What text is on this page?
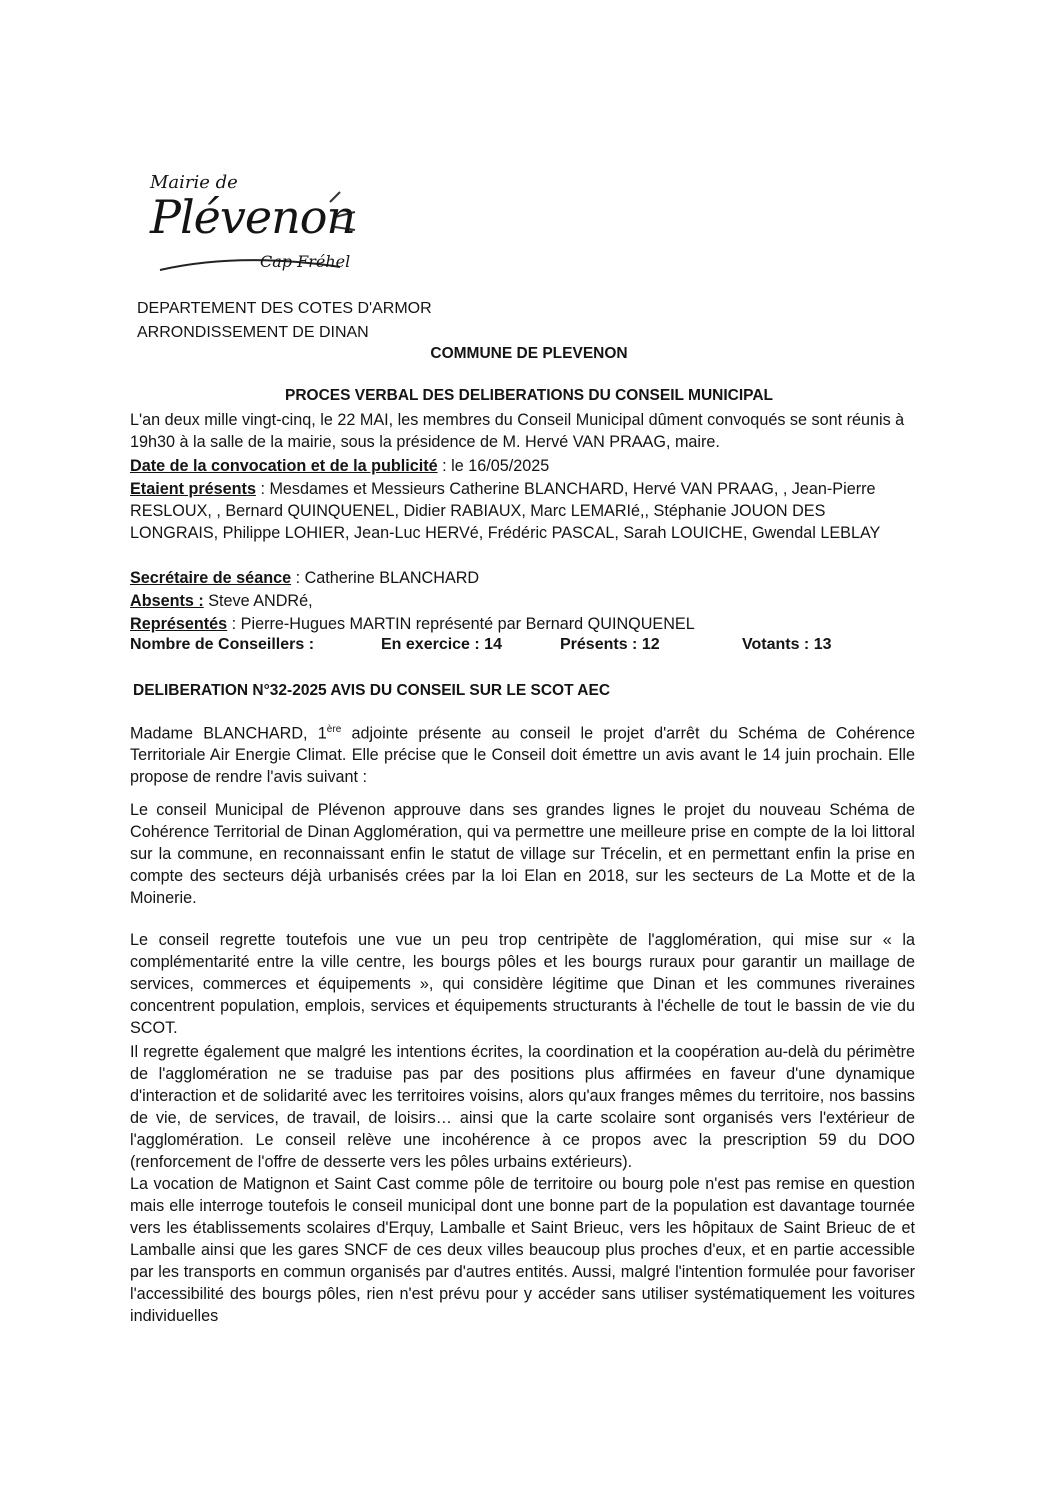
Mairie de
Plévenon
Cap Fréhel
DEPARTEMENT DES COTES D'ARMOR
ARRONDISSEMENT DE DINAN
COMMUNE DE PLEVENON
PROCES VERBAL DES DELIBERATIONS DU CONSEIL MUNICIPAL
L'an deux mille vingt-cinq, le 22 MAI, les membres du Conseil Municipal dûment convoqués se sont réunis à 19h30 à la salle de la mairie, sous la présidence de M. Hervé VAN PRAAG, maire.
Date de la convocation et de la publicité : le 16/05/2025
Etaient présents : Mesdames et Messieurs Catherine BLANCHARD, Hervé VAN PRAAG, , Jean-Pierre RESLOUX, , Bernard QUINQUENEL, Didier RABIAUX, Marc LEMARIé,, Stéphanie JOUON DES LONGRAIS, Philippe LOHIER, Jean-Luc HERVé, Frédéric PASCAL, Sarah LOUICHE, Gwendal LEBLAY
Secrétaire de séance : Catherine BLANCHARD
Absents : Steve ANDRé,
Représentés : Pierre-Hugues MARTIN représenté par Bernard QUINQUENEL
Nombre de Conseillers :	En exercice : 14	Présents : 12	Votants : 13
DELIBERATION N°32-2025 AVIS DU CONSEIL SUR LE SCOT AEC
Madame BLANCHARD, 1ère adjointe présente au conseil le projet d'arrêt du Schéma de Cohérence Territoriale Air Energie Climat. Elle précise que le Conseil doit émettre un avis avant le 14 juin prochain. Elle propose de rendre l'avis suivant :
Le conseil Municipal de Plévenon approuve dans ses grandes lignes le projet du nouveau Schéma de Cohérence Territorial de Dinan Agglomération, qui va permettre une meilleure prise en compte de la loi littoral sur la commune, en reconnaissant enfin le statut de village sur Trécelin, et en permettant enfin la prise en compte des secteurs déjà urbanisés crées par la loi Elan en 2018, sur les secteurs de La Motte et de la Moinerie.
Le conseil regrette toutefois une vue un peu trop centripète de l'agglomération, qui mise sur « la complémentarité entre la ville centre, les bourgs pôles et les bourgs ruraux pour garantir un maillage de services, commerces et équipements », qui considère légitime que Dinan et les communes riveraines concentrent population, emplois, services et équipements structurants à l'échelle de tout le bassin de vie du SCOT.
Il regrette également que malgré les intentions écrites, la coordination et la coopération au-delà du périmètre de l'agglomération ne se traduise pas par des positions plus affirmées en faveur d'une dynamique d'interaction et de solidarité avec les territoires voisins, alors qu'aux franges mêmes du territoire, nos bassins de vie, de services, de travail, de loisirs… ainsi que la carte scolaire sont organisés vers l'extérieur de l'agglomération. Le conseil relève une incohérence à ce propos avec la prescription 59 du DOO (renforcement de l'offre de desserte vers les pôles urbains extérieurs).
La vocation de Matignon et Saint Cast comme pôle de territoire ou bourg pole n'est pas remise en question mais elle interroge toutefois le conseil municipal dont une bonne part de la population est davantage tournée vers les établissements scolaires d'Erquy, Lamballe et Saint Brieuc, vers les hôpitaux de Saint Brieuc de et Lamballe ainsi que les gares SNCF de ces deux villes beaucoup plus proches d'eux, et en partie accessible par les transports en commun organisés par d'autres entités. Aussi, malgré l'intention formulée pour favoriser l'accessibilité des bourgs pôles, rien n'est prévu pour y accéder sans utiliser systématiquement les voitures individuelles
